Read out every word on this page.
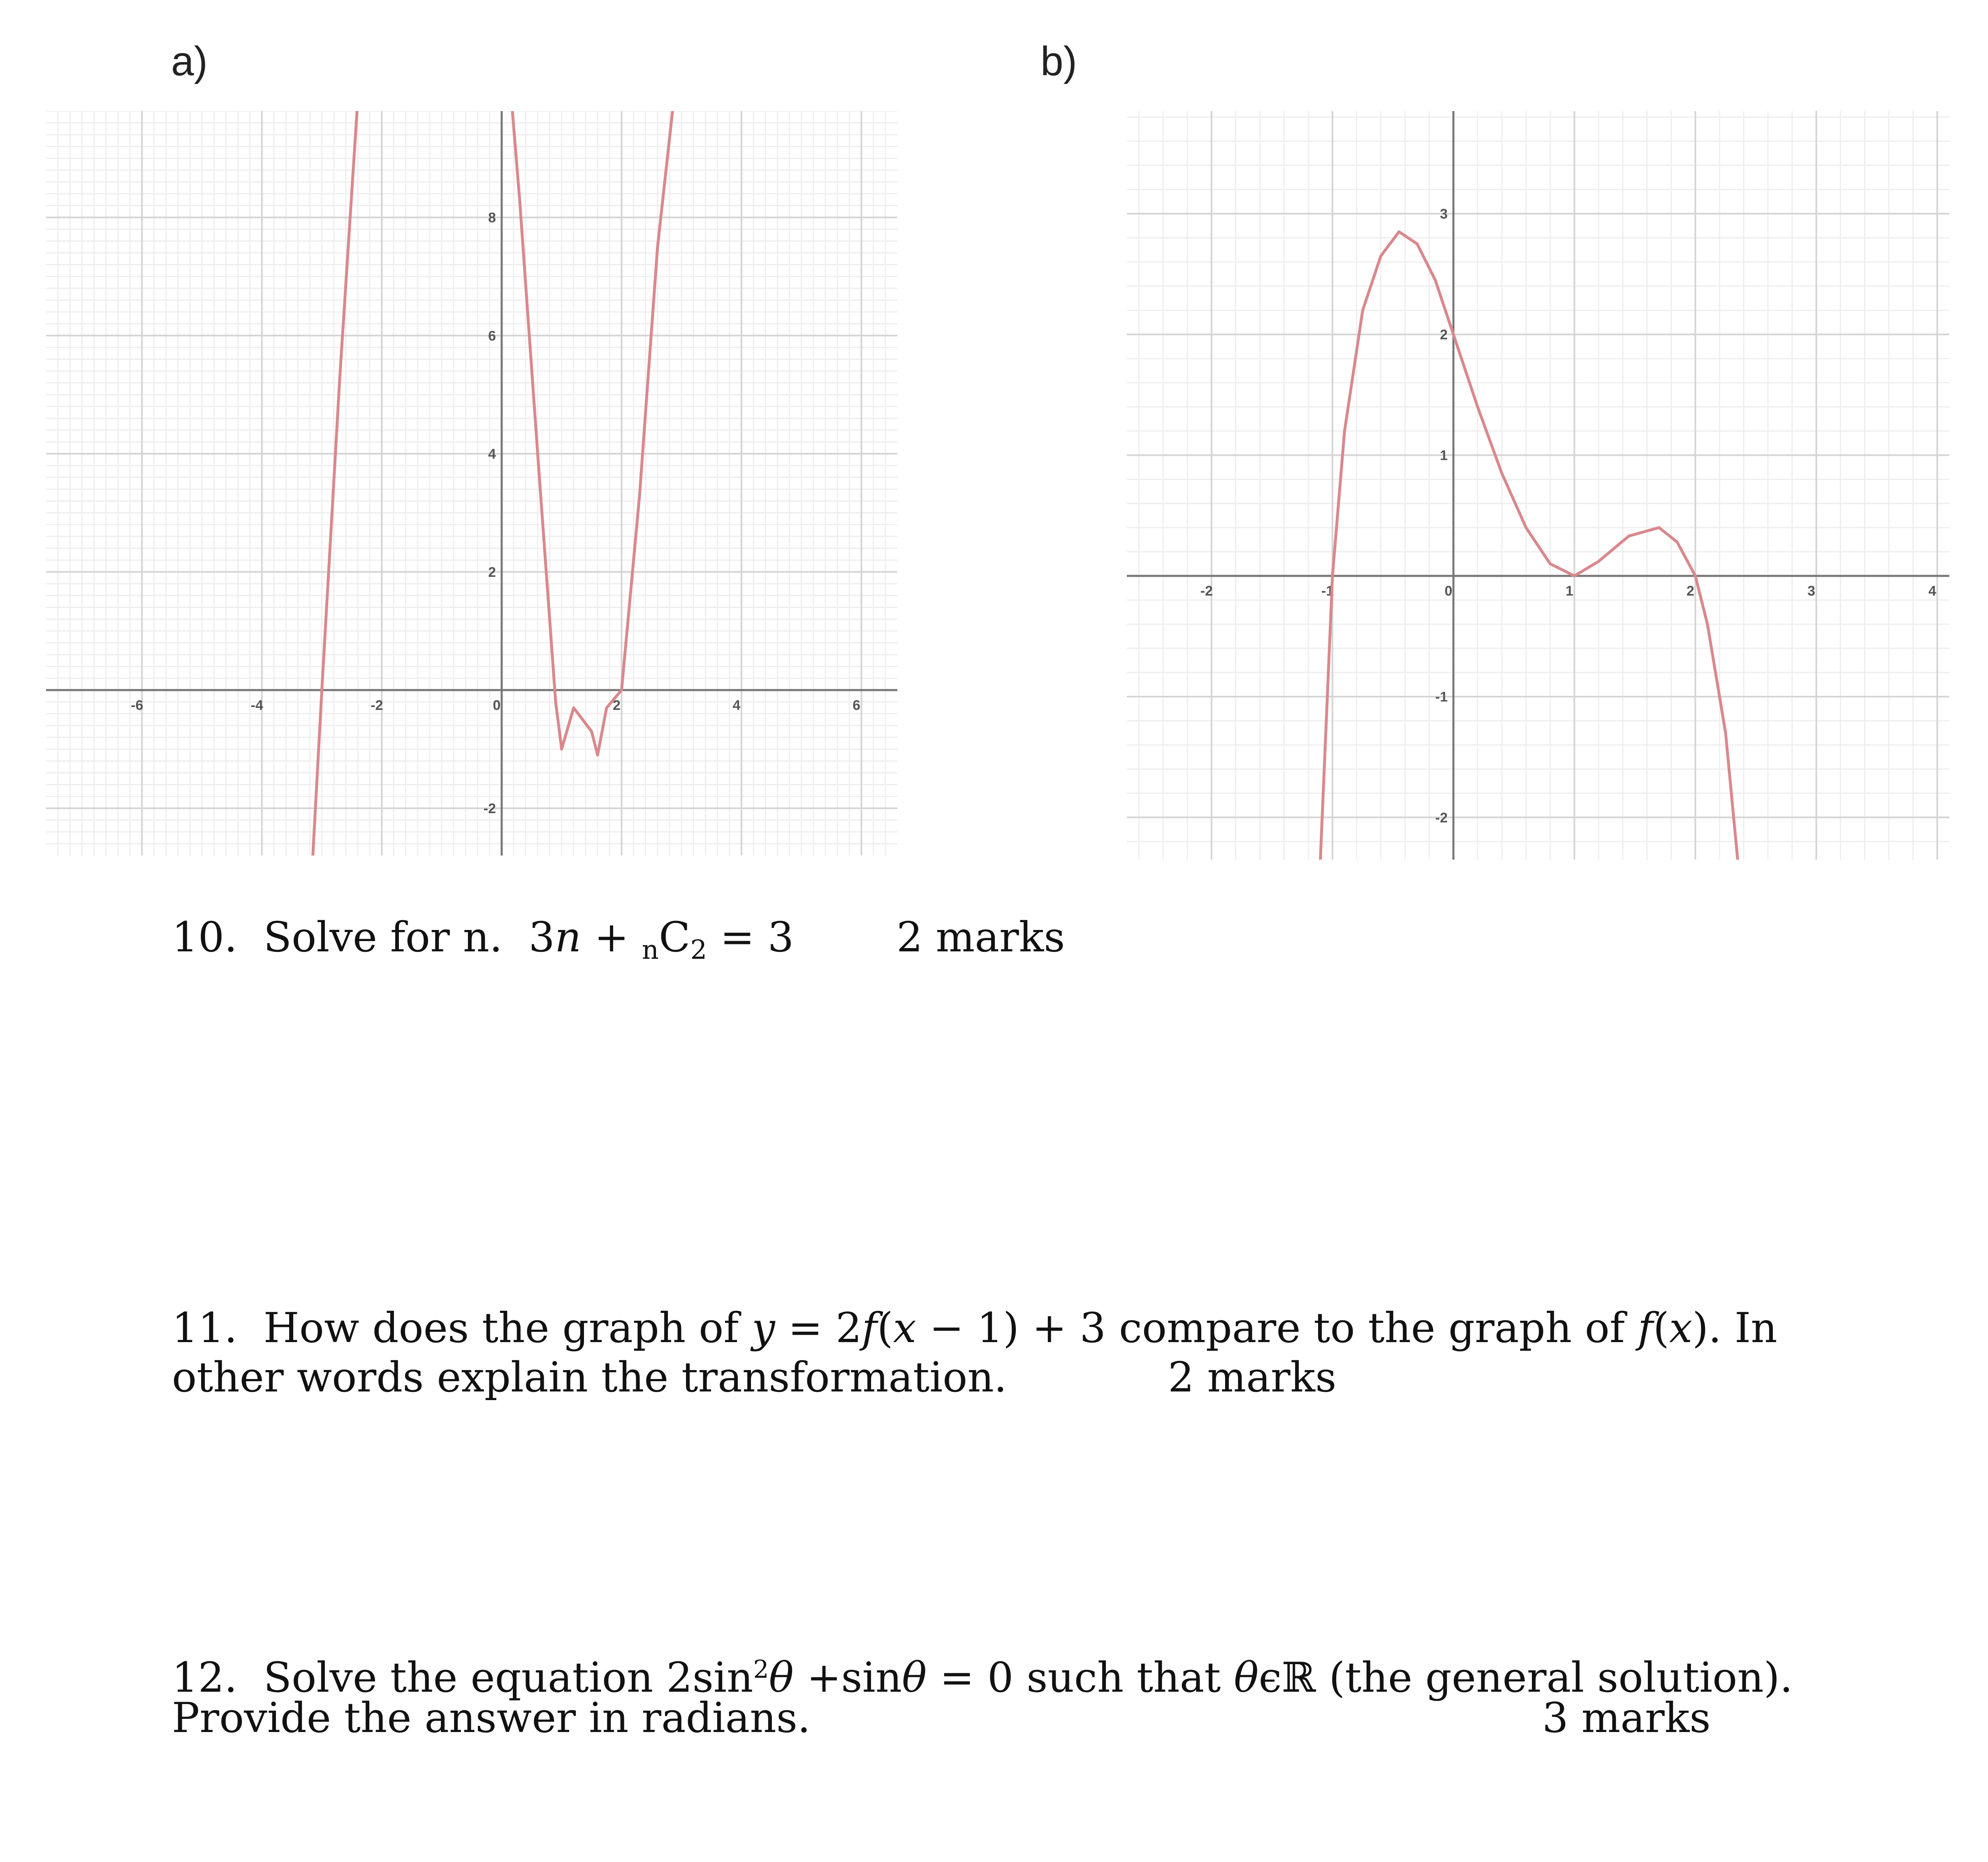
a)
-6	-4	-2	0	2	4	6
8
6
4
2
-2
b)
-2	-1	0	1	2	3	4
3
2
1
-1
-2
10. Solve for n. $3n + _nC_2 = 3$ 2 marks
11. How does the graph of y = 2f(x − 1) + 3 compare to the graph of f(x). In
other words explain the transformation.	2 marks
12. Solve the equation $2\sin^2\theta +\sin\theta = 0$ such that θϵℝ (the general solution).
Provide the answer in radians.	3 marks
